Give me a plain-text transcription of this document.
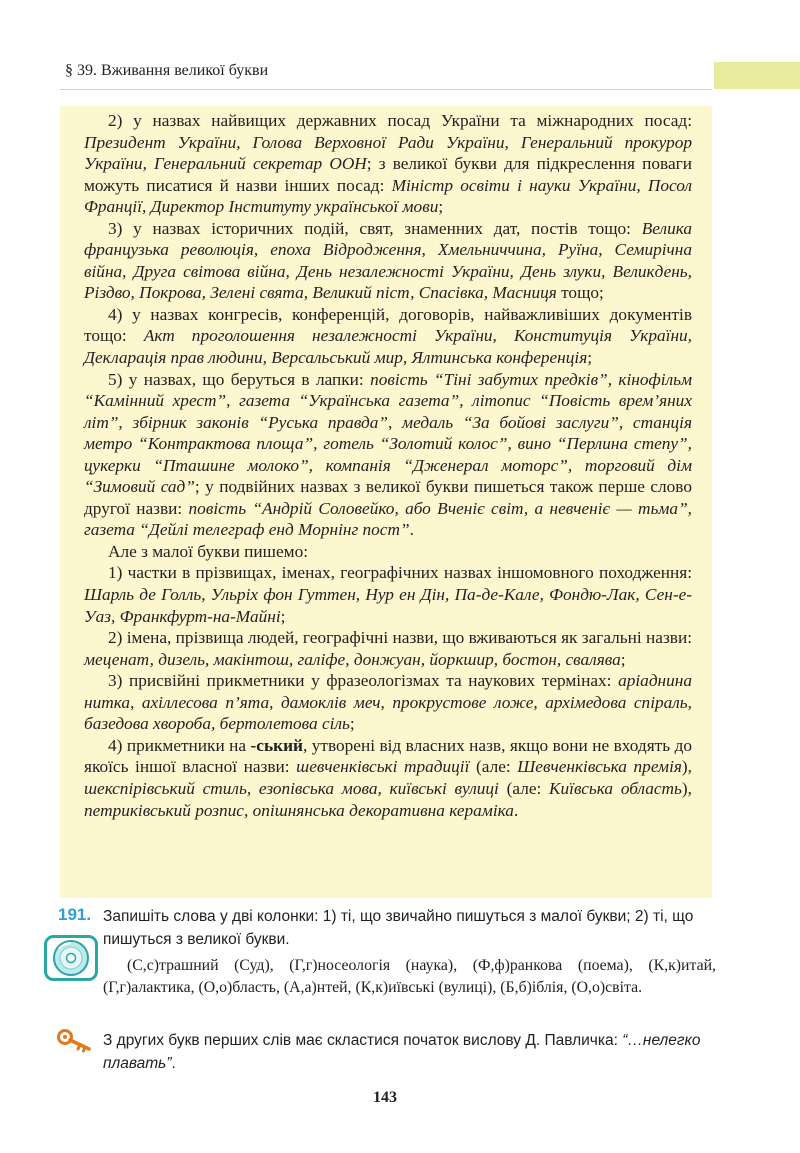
§ 39. Вживання великої букви

2) у назвах найвищих державних посад України та міжнародних посад: Президент України, Голова Верховної Ради України, Генеральний прокурор України, Генеральний секретар ООН; з великої букви для підкреслення поваги можуть писатися й назви інших посад: Міністр освіти і науки України, Посол Франції, Директор Інституту української мови;

3) у назвах історичних подій, свят, знаменних дат, постів тощо: Велика французька революція, епоха Відродження, Хмельниччина, Руїна, Семирічна війна, Друга світова війна, День незалежності України, День злуки, Великдень, Різдво, Покрова, Зелені свята, Великий піст, Спасівка, Масниця тощо;

4) у назвах конгресів, конференцій, договорів, найважливіших документів тощо: Акт проголошення незалежності України, Конституція України, Декларація прав людини, Версальський мир, Ялтинська конференція;

5) у назвах, що беруться в лапки: повість “Тіні забутих предків”, кінофільм “Камінний хрест”, газета “Українська газета”, літопис “Повість врем’яних літ”, збірник законів “Руська правда”, медаль “За бойові заслуги”, станція метро “Контрактова площа”, готель “Золотий колос”, вино “Перлина степу”, цукерки “Пташине молоко”, компанія “Дженерал моторс”, торговий дім “Зимовий сад”; у подвійних назвах з великої букви пишеться також перше слово другої назви: повість “Андрій Соловейко, або Вченіє світ, а невченіє — тьма”, газета “Дейлі телеграф енд Морнінг пост”.

Але з малої букви пишемо:

1) частки в прізвищах, іменах, географічних назвах іншомовного походження: Шарль де Голль, Ульріх фон Гуттен, Нур ен Дін, Па-де-Кале, Фондю-Лак, Сен-е-Уаз, Франкфурт-на-Майні;

2) імена, прізвища людей, географічні назви, що вживаються як загальні назви: меценат, дизель, макінтош, галіфе, донжуан, йоркшир, бостон, свалява;

3) присвійні прикметники у фразеологізмах та наукових термінах: аріаднина нитка, ахіллесова п’ята, дамоклів меч, прокрустове ложе, архімедова спіраль, базедова хвороба, бертолетова сіль;

4) прикметники на -ський, утворені від власних назв, якщо вони не входять до якоїсь іншої власної назви: шевченківські традиції (але: Шевченківська премія), шекспірівський стиль, езопівська мова, київські вулиці (але: Київська область), петриківський розпис, опішнянська декоративна кераміка.

191. Запишіть слова у дві колонки: 1) ті, що звичайно пишуться з малої букви; 2) ті, що пишуться з великої букви.
(С,с)трашний (Суд), (Г,г)носеологія (наука), (Ф,ф)ранкова (поема), (К,к)итай, (Г,г)алактика, (О,о)бласть, (А,а)нтей, (К,к)иївські (вулиці), (Б,б)іблія, (О,о)світа.
З других букв перших слів має скластися початок вислову Д. Павличка: “…нелегко плавать”.
143
